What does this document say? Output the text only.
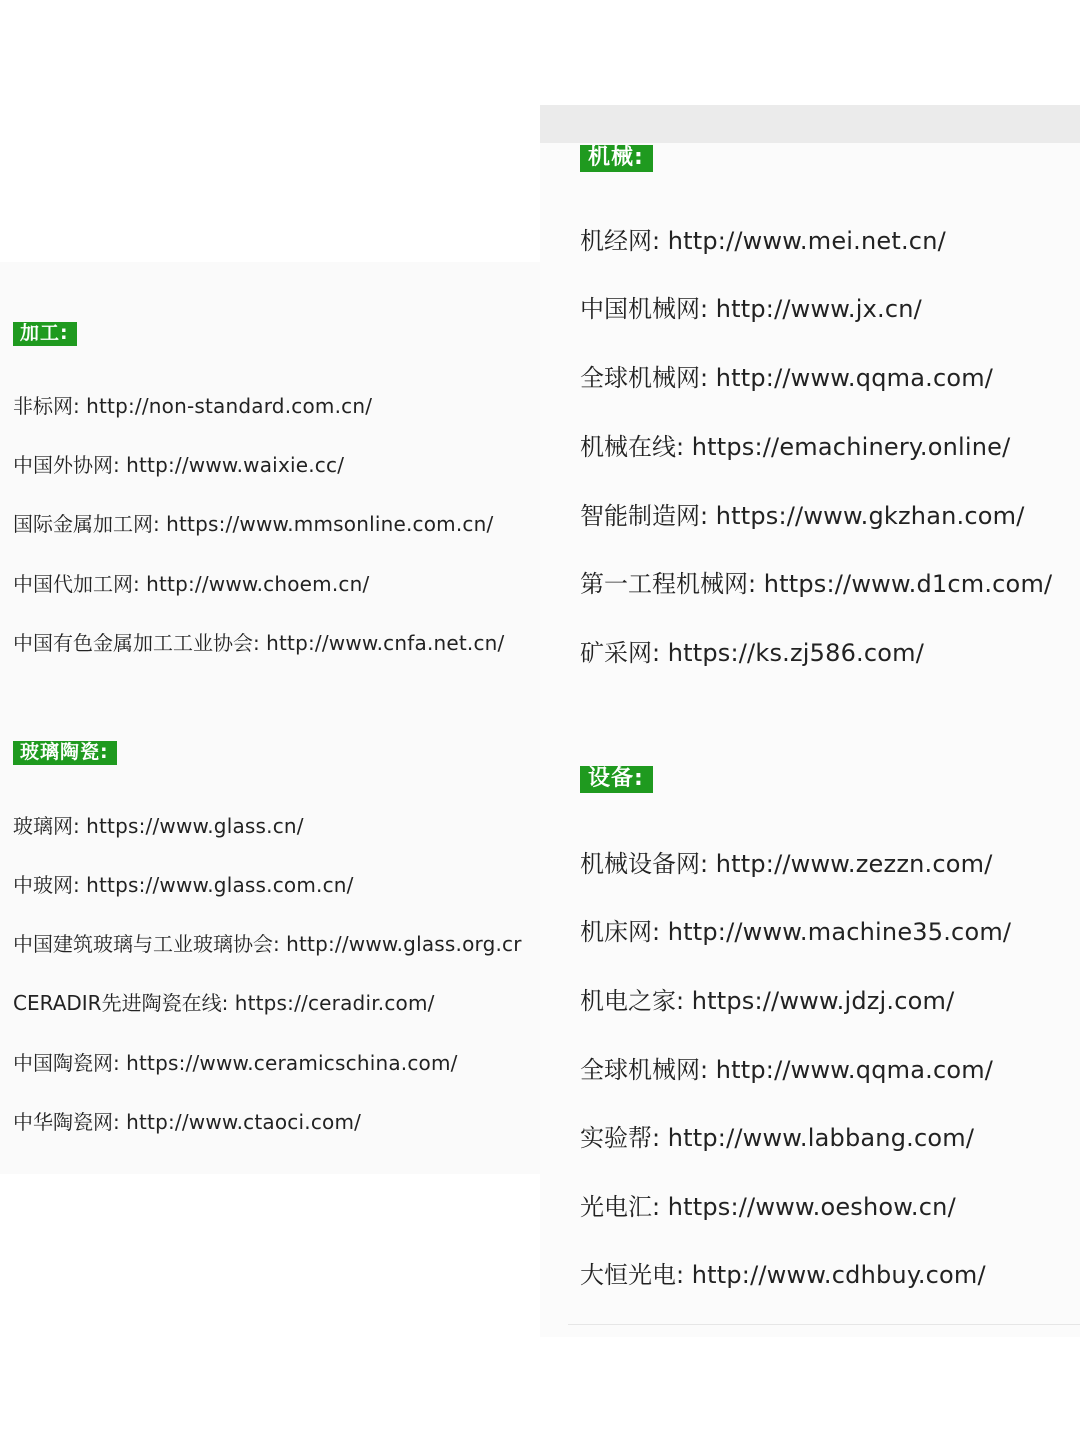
加工:

非标网: http://non-standard.com.cn/

中国外协网: http://www.waixie.cc/

国际金属加工网: https://www.mmsonline.com.cn/

中国代加工网: http://www.choem.cn/

中国有色金属加工工业协会: http://www.cnfa.net.cn/

玻璃陶瓷:

玻璃网: https://www.glass.cn/

中玻网: https://www.glass.com.cn/

中国建筑玻璃与工业玻璃协会: http://www.glass.org.cr

CERADIR先进陶瓷在线: https://ceradir.com/

中国陶瓷网: https://www.ceramicschina.com/

中华陶瓷网: http://www.ctaoci.com/

机械:

机经网: http://www.mei.net.cn/

中国机械网: http://www.jx.cn/

全球机械网: http://www.qqma.com/

机械在线: https://emachinery.online/

智能制造网: https://www.gkzhan.com/

第一工程机械网: https://www.d1cm.com/

矿采网: https://ks.zj586.com/

设备:

机械设备网: http://www.zezzn.com/

机床网: http://www.machine35.com/

机电之家: https://www.jdzj.com/

全球机械网: http://www.qqma.com/

实验帮: http://www.labbang.com/

光电汇: https://www.oeshow.cn/

大恒光电: http://www.cdhbuy.com/
